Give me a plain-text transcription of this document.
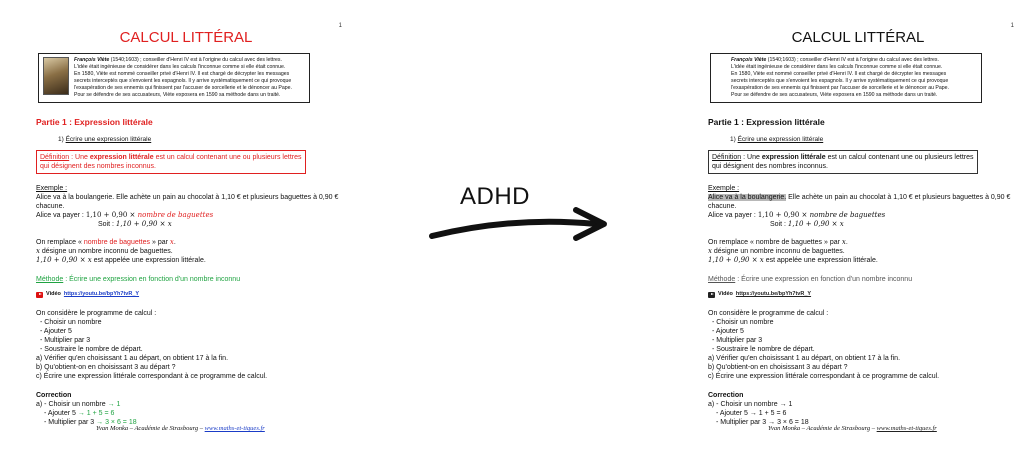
1
CALCUL LITTÉRAL

François Viète (1540;1603) ; conseiller d'Henri IV est à l'origine du calcul avec des lettres.

L'idée était ingénieuse de considérer dans les calculs l'inconnue comme si elle était connue.

En 1580, Viète est nommé conseiller privé d'Henri IV. Il est chargé de décrypter les messages

secrets interceptés que s'envoient les espagnols. Il y arrive systématiquement ce qui provoque

l'exaspération de ses ennemis qui finissent par l'accuser de sorcellerie et le dénoncer au Pape.

Pour se défendre de ses accusateurs, Viète exposera en 1590 sa méthode dans un traité.

Partie 1 : Expression littérale
1) Écrire une expression littérale
Définition : Une expression littérale est un calcul contenant une ou plusieurs lettres qui désignent des nombres inconnus.
Exemple :
Alice va à la boulangerie. Elle achète un pain au chocolat à 1,10 € et plusieurs baguettes à 0,90 €
chacune.
Alice va payer : 1,10 + 0,90 × nombre de baguettes
Soit : 1,10 + 0,90 × x
On remplace « nombre de baguettes » par x.
x désigne un nombre inconnu de baguettes.
1,10 + 0,90 × x est appelée une expression littérale.
Méthode : Écrire une expression en fonction d'un nombre inconnu
Vidéo https://youtu.be/bpYh7tvR_Y
On considère le programme de calcul :
- Choisir un nombre
- Ajouter 5
- Multiplier par 3
- Soustraire le nombre de départ.
a) Vérifier qu'en choisissant 1 au départ, on obtient 17 à la fin.
b) Qu'obtient-on en choisissant 3 au départ ?
c) Écrire une expression littérale correspondant à ce programme de calcul.
Correction
a) - Choisir un nombre → 1
- Ajouter 5 → 1 + 5 = 6
- Multiplier par 3 → 3 × 6 = 18
Yvan Monka – Académie de Strasbourg – www.maths-et-tiques.fr
ADHD
1
CALCUL LITTÉRAL

François Viète (1540;1603) ; conseiller d'Henri IV est à l'origine du calcul avec des lettres.

L'idée était ingénieuse de considérer dans les calculs l'inconnue comme si elle était connue.

En 1580, Viète est nommé conseiller privé d'Henri IV. Il est chargé de décrypter les messages

secrets interceptés que s'envoient les espagnols. Il y arrive systématiquement ce qui provoque

l'exaspération de ses ennemis qui finissent par l'accuser de sorcellerie et le dénoncer au Pape.

Pour se défendre de ses accusateurs, Viète exposera en 1590 sa méthode dans un traité.

Partie 1 : Expression littérale
1) Écrire une expression littérale
Définition : Une expression littérale est un calcul contenant une ou plusieurs lettres qui désignent des nombres inconnus.
Exemple :
Alice va à la boulangerie. Elle achète un pain au chocolat à 1,10 € et plusieurs baguettes à 0,90 €
chacune.
Alice va payer : 1,10 + 0,90 × nombre de baguettes
Soit : 1,10 + 0,90 × x
On remplace « nombre de baguettes » par x.
x désigne un nombre inconnu de baguettes.
1,10 + 0,90 × x est appelée une expression littérale.
Méthode : Écrire une expression en fonction d'un nombre inconnu
Vidéo https://youtu.be/bpYh7tvR_Y
On considère le programme de calcul :
- Choisir un nombre
- Ajouter 5
- Multiplier par 3
- Soustraire le nombre de départ.
a) Vérifier qu'en choisissant 1 au départ, on obtient 17 à la fin.
b) Qu'obtient-on en choisissant 3 au départ ?
c) Écrire une expression littérale correspondant à ce programme de calcul.
Correction
a) - Choisir un nombre → 1
- Ajouter 5 → 1 + 5 = 6
- Multiplier par 3 → 3 × 6 = 18
Yvan Monka – Académie de Strasbourg – www.maths-et-tiques.fr
